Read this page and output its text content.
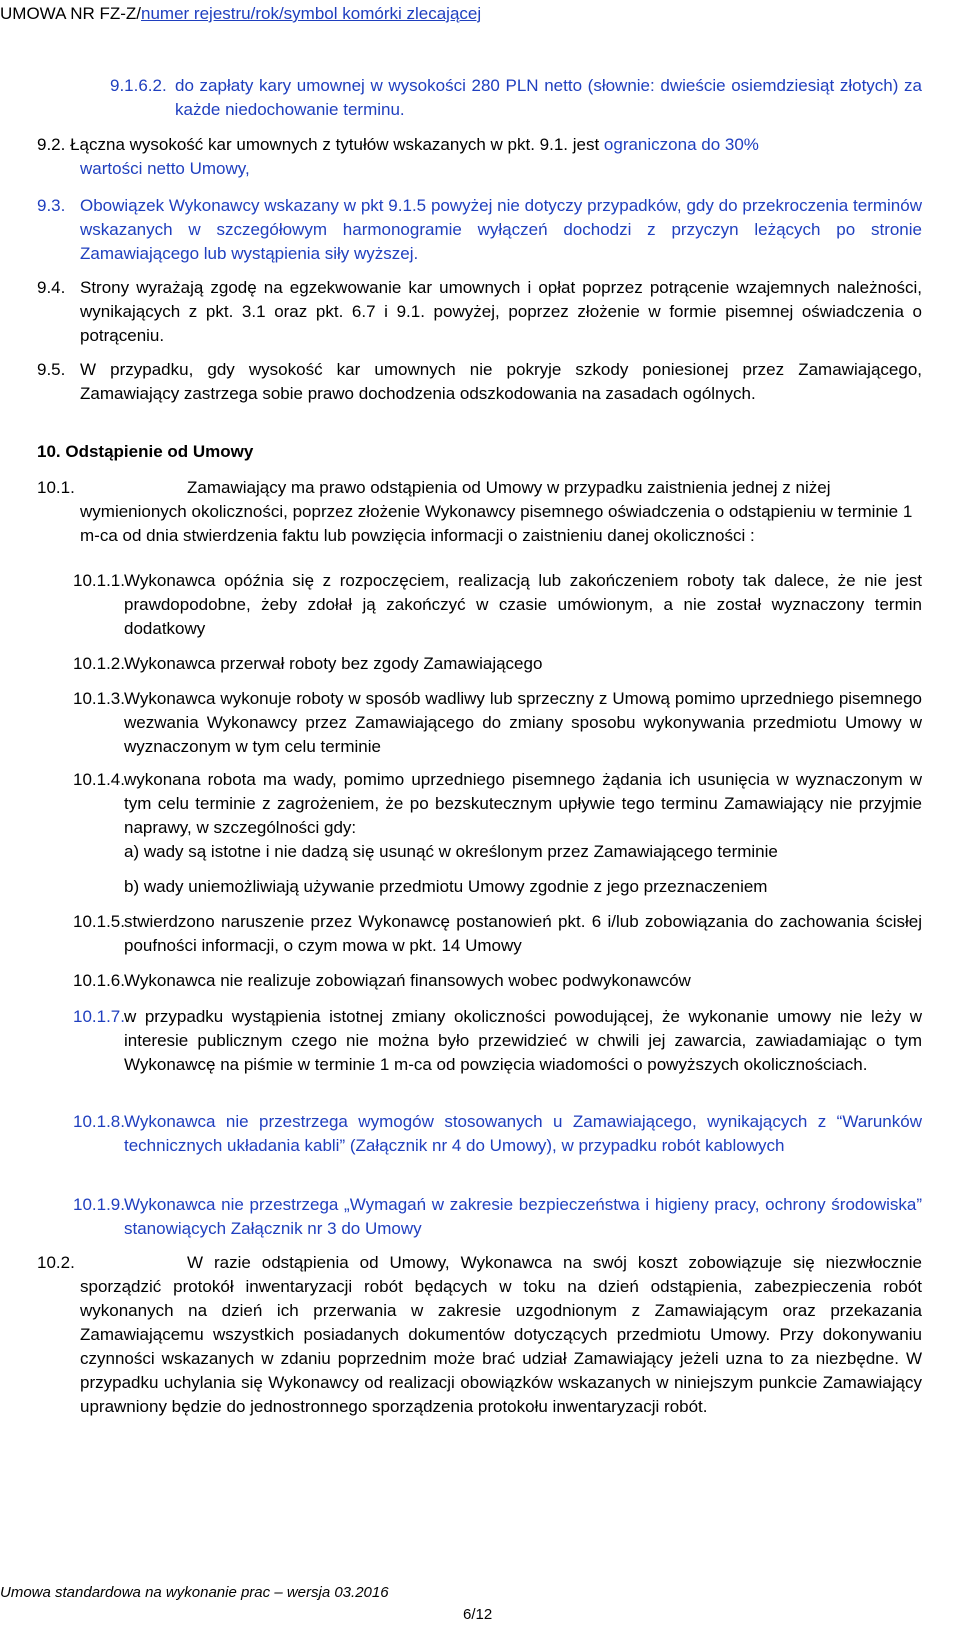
UMOWA NR FZ-Z/numer rejestru/rok/symbol komórki zlecającej
9.1.6.2. do zapłaty kary umownej w wysokości 280 PLN netto (słownie: dwieście osiemdziesiąt złotych) za każde niedochowanie terminu.
9.2. Łączna wysokość kar umownych z tytułów wskazanych w pkt. 9.1. jest ograniczona do 30%
wartości netto Umowy,
9.3. Obowiązek Wykonawcy wskazany w pkt 9.1.5 powyżej nie dotyczy przypadków, gdy do przekroczenia terminów wskazanych w szczegółowym harmonogramie wyłączeń dochodzi z przyczyn leżących po stronie Zamawiającego lub wystąpienia siły wyższej.
9.4. Strony wyrażają zgodę na egzekwowanie kar umownych i opłat poprzez potrącenie wzajemnych należności, wynikających z pkt. 3.1 oraz pkt. 6.7 i 9.1. powyżej, poprzez złożenie w formie pisemnej oświadczenia o potrąceniu.
9.5. W przypadku, gdy wysokość kar umownych nie pokryje szkody poniesionej przez Zamawiającego, Zamawiający zastrzega sobie prawo dochodzenia odszkodowania na zasadach ogólnych.
10. Odstąpienie od Umowy
10.1.	Zamawiający ma prawo odstąpienia od Umowy w przypadku zaistnienia jednej z niżej wymienionych okoliczności, poprzez złożenie Wykonawcy pisemnego oświadczenia o odstąpieniu w terminie 1 m-ca od dnia stwierdzenia faktu lub powzięcia informacji o zaistnieniu danej okoliczności :
10.1.1. Wykonawca opóźnia się z rozpoczęciem, realizacją lub zakończeniem roboty tak dalece, że nie jest prawdopodobne, żeby zdołał ją zakończyć w czasie umówionym, a nie został wyznaczony termin dodatkowy
10.1.2. Wykonawca przerwał roboty bez zgody Zamawiającego
10.1.3. Wykonawca wykonuje roboty w sposób wadliwy lub sprzeczny z Umową pomimo uprzedniego pisemnego wezwania Wykonawcy przez Zamawiającego do zmiany sposobu wykonywania przedmiotu Umowy w wyznaczonym w tym celu terminie
10.1.4. wykonana robota ma wady, pomimo uprzedniego pisemnego żądania ich usunięcia w wyznaczonym w tym celu terminie z zagrożeniem, że po bezskutecznym upływie tego terminu Zamawiający nie przyjmie naprawy, w szczególności gdy:
a) wady są istotne i nie dadzą się usunąć w określonym przez Zamawiającego terminie
b) wady uniemożliwiają używanie przedmiotu Umowy zgodnie z jego przeznaczeniem
10.1.5. stwierdzono naruszenie przez Wykonawcę postanowień pkt. 6 i/lub zobowiązania do zachowania ścisłej poufności informacji, o czym mowa w pkt. 14 Umowy
10.1.6. Wykonawca nie realizuje zobowiązań finansowych wobec podwykonawców
10.1.7. w przypadku wystąpienia istotnej zmiany okoliczności powodującej, że wykonanie umowy nie leży w interesie publicznym czego nie można było przewidzieć w chwili jej zawarcia, zawiadamiając o tym Wykonawcę na piśmie w terminie 1 m-ca od powzięcia wiadomości o powyższych okolicznościach.
10.1.8. Wykonawca nie przestrzega wymogów stosowanych u Zamawiającego, wynikających z “Warunków technicznych układania kabli” (Załącznik nr 4 do Umowy), w przypadku robót kablowych
10.1.9. Wykonawca nie przestrzega „Wymagań w zakresie bezpieczeństwa i higieny pracy, ochrony środowiska” stanowiących Załącznik nr 3 do Umowy
10.2.	W razie odstąpienia od Umowy, Wykonawca na swój koszt zobowiązuje się niezwłocznie sporządzić protokół inwentaryzacji robót będących w toku na dzień odstąpienia, zabezpieczenia robót wykonanych na dzień ich przerwania w zakresie uzgodnionym z Zamawiającym oraz przekazania Zamawiającemu wszystkich posiadanych dokumentów dotyczących przedmiotu Umowy. Przy dokonywaniu czynności wskazanych w zdaniu poprzednim może brać udział Zamawiający jeżeli uzna to za niezbędne. W przypadku uchylania się Wykonawcy od realizacji obowiązków wskazanych w niniejszym punkcie Zamawiający uprawniony będzie do jednostronnego sporządzenia protokołu inwentaryzacji robót.
Umowa standardowa na wykonanie prac – wersja 03.2016
6/12
